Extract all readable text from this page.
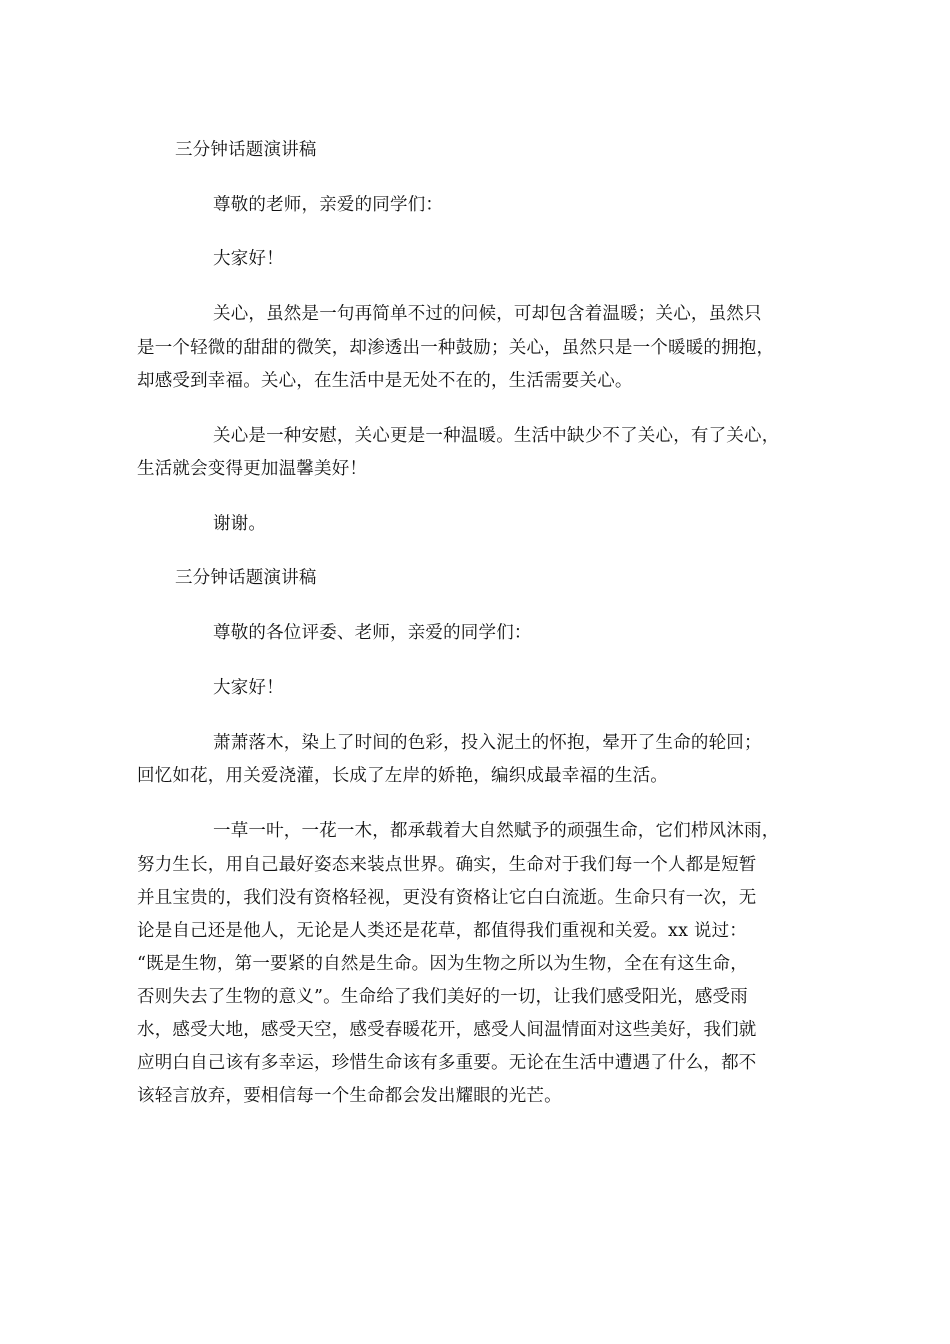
三分钟话题演讲稿
尊敬的老师，亲爱的同学们：
大家好！
关心，虽然是一句再简单不过的问候，可却包含着温暖；关心，虽然只
是一个轻微的甜甜的微笑，却渗透出一种鼓励；关心，虽然只是一个暖暖的拥抱，
却感受到幸福。关心，在生活中是无处不在的，生活需要关心。
关心是一种安慰，关心更是一种温暖。生活中缺少不了关心，有了关心，
生活就会变得更加温馨美好！
谢谢。
三分钟话题演讲稿
尊敬的各位评委、老师，亲爱的同学们：
大家好！
萧萧落木，染上了时间的色彩，投入泥土的怀抱，晕开了生命的轮回；
回忆如花，用关爱浇灌，长成了左岸的娇艳，编织成最幸福的生活。
一草一叶，一花一木，都承载着大自然赋予的顽强生命，它们栉风沐雨，
努力生长，用自己最好姿态来装点世界。确实，生命对于我们每一个人都是短暂
并且宝贵的，我们没有资格轻视，更没有资格让它白白流逝。生命只有一次，无
论是自己还是他人，无论是人类还是花草，都值得我们重视和关爱。xx 说过：
“既是生物，第一要紧的自然是生命。因为生物之所以为生物，全在有这生命，
否则失去了生物的意义”。生命给了我们美好的一切，让我们感受阳光，感受雨
水，感受大地，感受天空，感受春暖花开，感受人间温情面对这些美好，我们就
应明白自己该有多幸运，珍惜生命该有多重要。无论在生活中遭遇了什么，都不
该轻言放弃，要相信每一个生命都会发出耀眼的光芒。
